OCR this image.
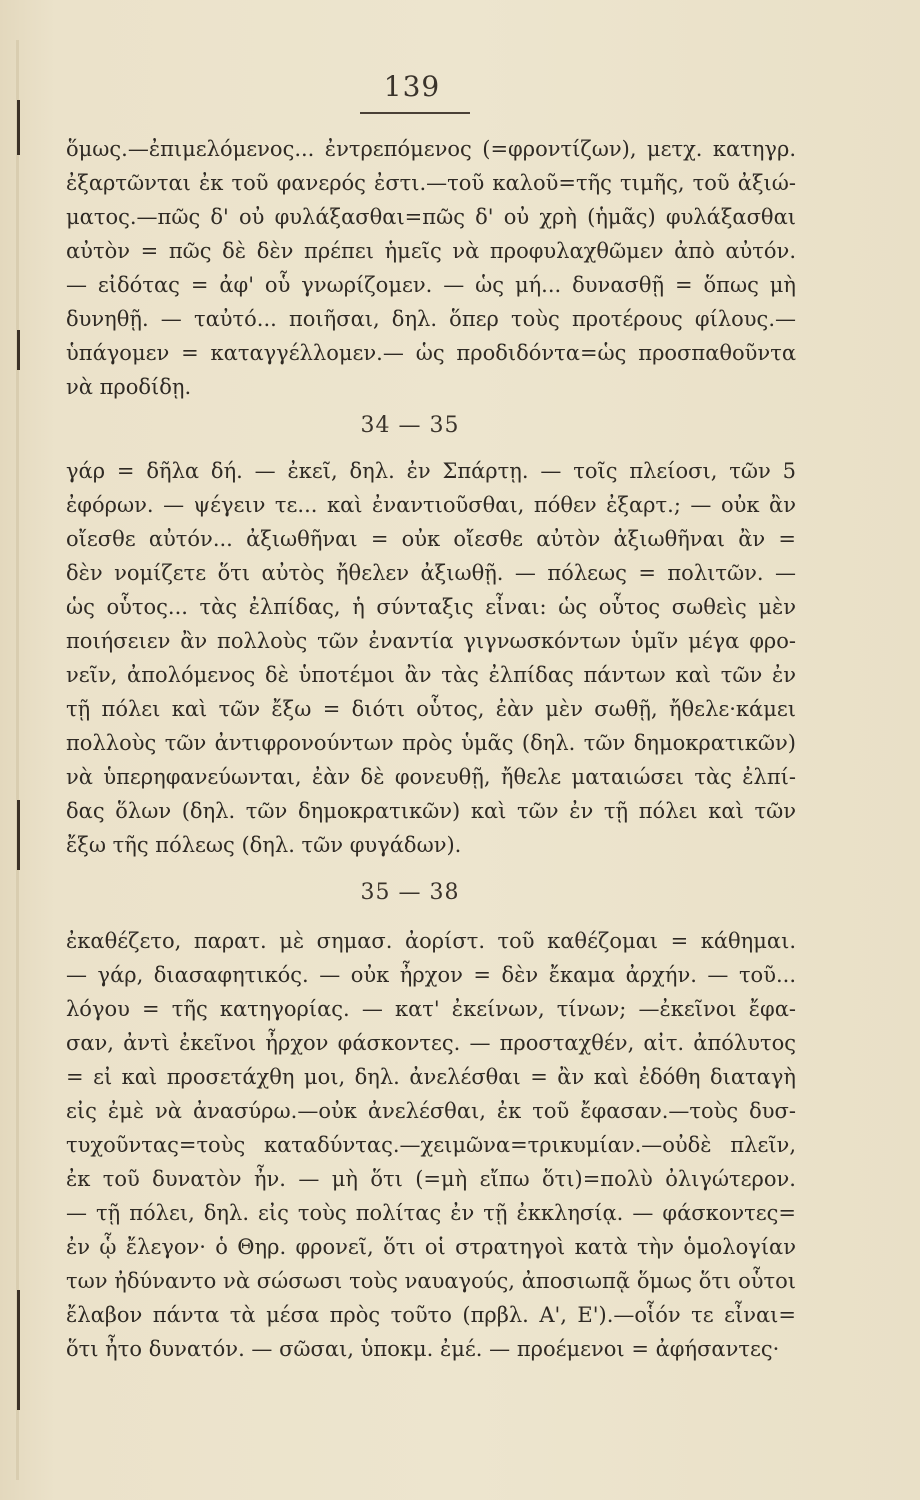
139
ὅμως.—ἐπιμελόμενος... ἐντρεπόμενος (=φροντίζων), μετχ. κατηγρ.
ἐξαρτῶνται ἐκ τοῦ φανερός ἐστι.—τοῦ καλοῦ=τῆς τιμῆς, τοῦ ἀξιώ-
ματος.—πῶς δ' οὐ φυλάξασθαι=πῶς δ' οὐ χρὴ (ἡμᾶς) φυλάξασθαι
αὐτὸν = πῶς δὲ δὲν πρέπει ἡμεῖς νὰ προφυλαχθῶμεν ἀπὸ αὐτόν.
— εἰδότας = ἀφ' οὗ γνωρίζομεν. — ὡς μή... δυνασθῇ = ὅπως μὴ
δυνηθῇ. — ταὐτό... ποιῆσαι, δηλ. ὅπερ τοὺς προτέρους φίλους.—
ὑπάγομεν = καταγγέλλομεν.— ὡς προδιδόντα=ὡς προσπαθοῦντα
νὰ προδίδῃ.
34 — 35
γάρ = δῆλα δή. — ἐκεῖ, δηλ. ἐν Σπάρτῃ. — τοῖς πλείοσι, τῶν 5
ἐφόρων. — ψέγειν τε... καὶ ἐναντιοῦσθαι, πόθεν ἐξαρτ.; — οὐκ ἂν
οἴεσθε αὐτόν... ἀξιωθῆναι = οὐκ οἴεσθε αὐτὸν ἀξιωθῆναι ἂν =
δὲν νομίζετε ὅτι αὐτὸς ἤθελεν ἀξιωθῇ. — πόλεως = πολιτῶν. —
ὡς οὗτος... τὰς ἐλπίδας, ἡ σύνταξις εἶναι: ὡς οὗτος σωθεὶς μὲν
ποιήσειεν ἂν πολλοὺς τῶν ἐναντία γιγνωσκόντων ὑμῖν μέγα φρο-
νεῖν, ἀπολόμενος δὲ ὑποτέμοι ἂν τὰς ἐλπίδας πάντων καὶ τῶν ἐν
τῇ πόλει καὶ τῶν ἔξω = διότι οὗτος, ἐὰν μὲν σωθῇ, ἤθελε·κάμει
πολλοὺς τῶν ἀντιφρονούντων πρὸς ὑμᾶς (δηλ. τῶν δημοκρατικῶν)
νὰ ὑπερηφανεύωνται, ἐὰν δὲ φονευθῇ, ἤθελε ματαιώσει τὰς ἐλπί-
δας ὅλων (δηλ. τῶν δημοκρατικῶν) καὶ τῶν ἐν τῇ πόλει καὶ τῶν
ἔξω τῆς πόλεως (δηλ. τῶν φυγάδων).
35 — 38
ἐκαθέζετο, παρατ. μὲ σημασ. ἀορίστ. τοῦ καθέζομαι = κάθημαι.
— γάρ, διασαφητικός. — οὐκ ἦρχον = δὲν ἔκαμα ἀρχήν. — τοῦ...
λόγου = τῆς κατηγορίας. — κατ' ἐκείνων, τίνων; —ἐκεῖνοι ἔφα-
σαν, ἀντὶ ἐκεῖνοι ἦρχον φάσκοντες. — προσταχθέν, αἰτ. ἀπόλυτος
= εἰ καὶ προσετάχθη μοι, δηλ. ἀνελέσθαι = ἂν καὶ ἐδόθη διαταγὴ
εἰς ἐμὲ νὰ ἀνασύρω.—οὐκ ἀνελέσθαι, ἐκ τοῦ ἔφασαν.—τοὺς δυσ-
τυχοῦντας=τοὺς καταδύντας.—χειμῶνα=τρικυμίαν.—οὐδὲ πλεῖν,
ἐκ τοῦ δυνατὸν ἦν. — μὴ ὅτι (=μὴ εἴπω ὅτι)=πολὺ ὀλιγώτερον.
— τῇ πόλει, δηλ. εἰς τοὺς πολίτας ἐν τῇ ἐκκλησίᾳ. — φάσκοντες=
ἐν ᾧ ἔλεγον· ὁ Θηρ. φρονεῖ, ὅτι οἱ στρατηγοὶ κατὰ τὴν ὁμολογίαν
των ἠδύναντο νὰ σώσωσι τοὺς ναυαγούς, ἀποσιωπᾷ ὅμως ὅτι οὗτοι
ἔλαβον πάντα τὰ μέσα πρὸς τοῦτο (πρβλ. Α', Ε').—οἷόν τε εἶναι=
ὅτι ἦτο δυνατόν. — σῶσαι, ὑποκμ. ἐμέ. — προέμενοι = ἀφήσαντες·
